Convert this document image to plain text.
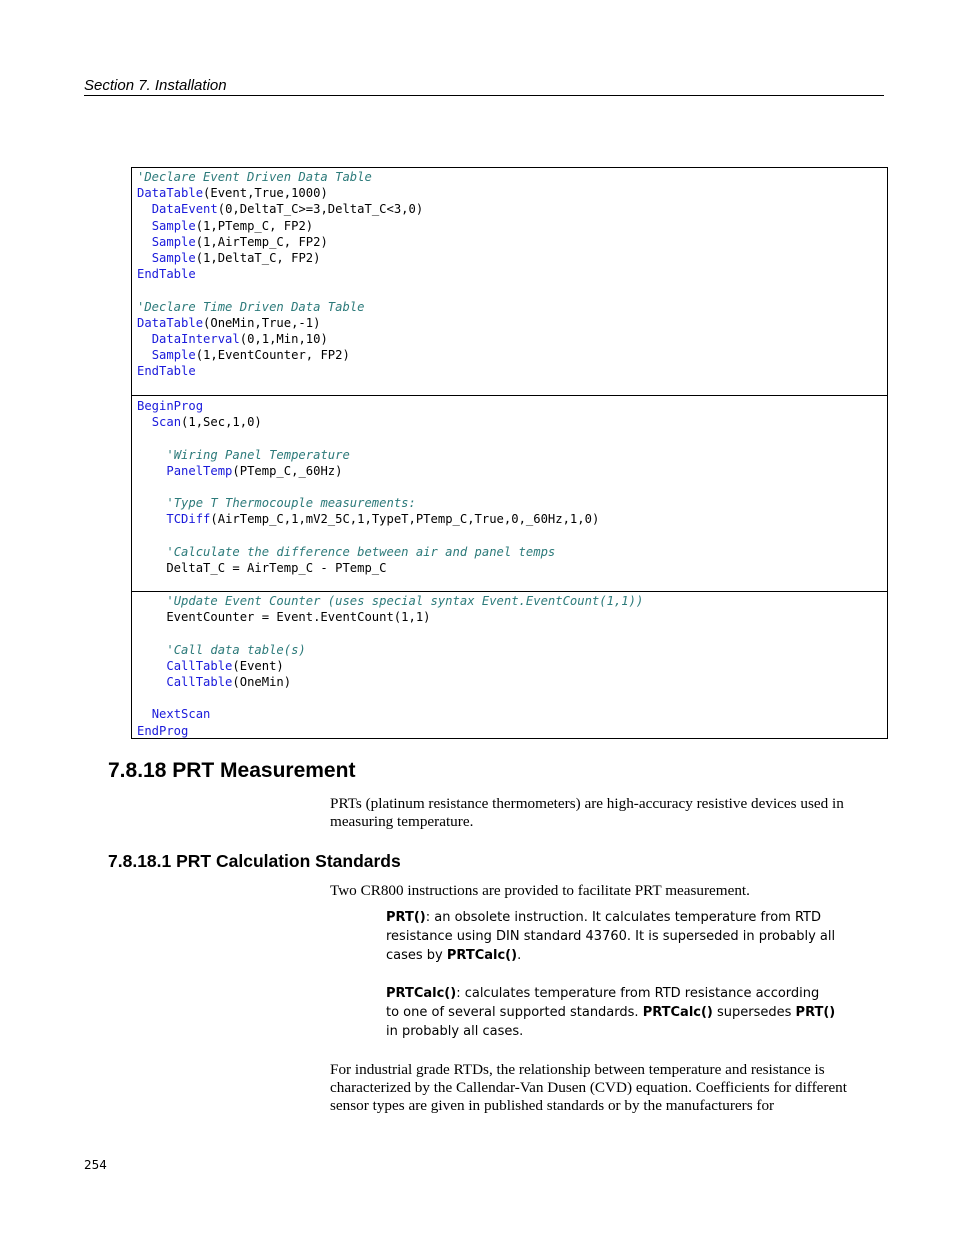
Section 7. Installation
'Declare Event Driven Data Table
DataTable(Event,True,1000)
DataEvent(0,DeltaT_C>=3,DeltaT_C<3,0)
Sample(1,PTemp_C, FP2)
Sample(1,AirTemp_C, FP2)
Sample(1,DeltaT_C, FP2)
EndTable

'Declare Time Driven Data Table
DataTable(OneMin,True,-1)
DataInterval(0,1,Min,10)
Sample(1,EventCounter, FP2)
EndTable
BeginProg
Scan(1,Sec,1,0)

'Wiring Panel Temperature
PanelTemp(PTemp_C,_60Hz)

'Type T Thermocouple measurements:
TCDiff(AirTemp_C,1,mV2_5C,1,TypeT,PTemp_C,True,0,_60Hz,1,0)

'Calculate the difference between air and panel temps
DeltaT_C = AirTemp_C - PTemp_C
'Update Event Counter (uses special syntax Event.EventCount(1,1))
EventCounter = Event.EventCount(1,1)

'Call data table(s)
CallTable(Event)
CallTable(OneMin)

NextScan
EndProg
7.8.18 PRT Measurement

PRTs (platinum resistance thermometers) are high-accuracy resistive devices used in measuring temperature.

7.8.18.1 PRT Calculation Standards

Two CR800 instructions are provided to facilitate PRT measurement.

PRT(): an obsolete instruction. It calculates temperature from RTD resistance using DIN standard 43760. It is superseded in probably all cases by PRTCalc().

PRTCalc(): calculates temperature from RTD resistance according to one of several supported standards. PRTCalc() supersedes PRT() in probably all cases.

For industrial grade RTDs, the relationship between temperature and resistance is characterized by the Callendar-Van Dusen (CVD) equation. Coefficients for different sensor types are given in published standards or by the manufacturers for

254
